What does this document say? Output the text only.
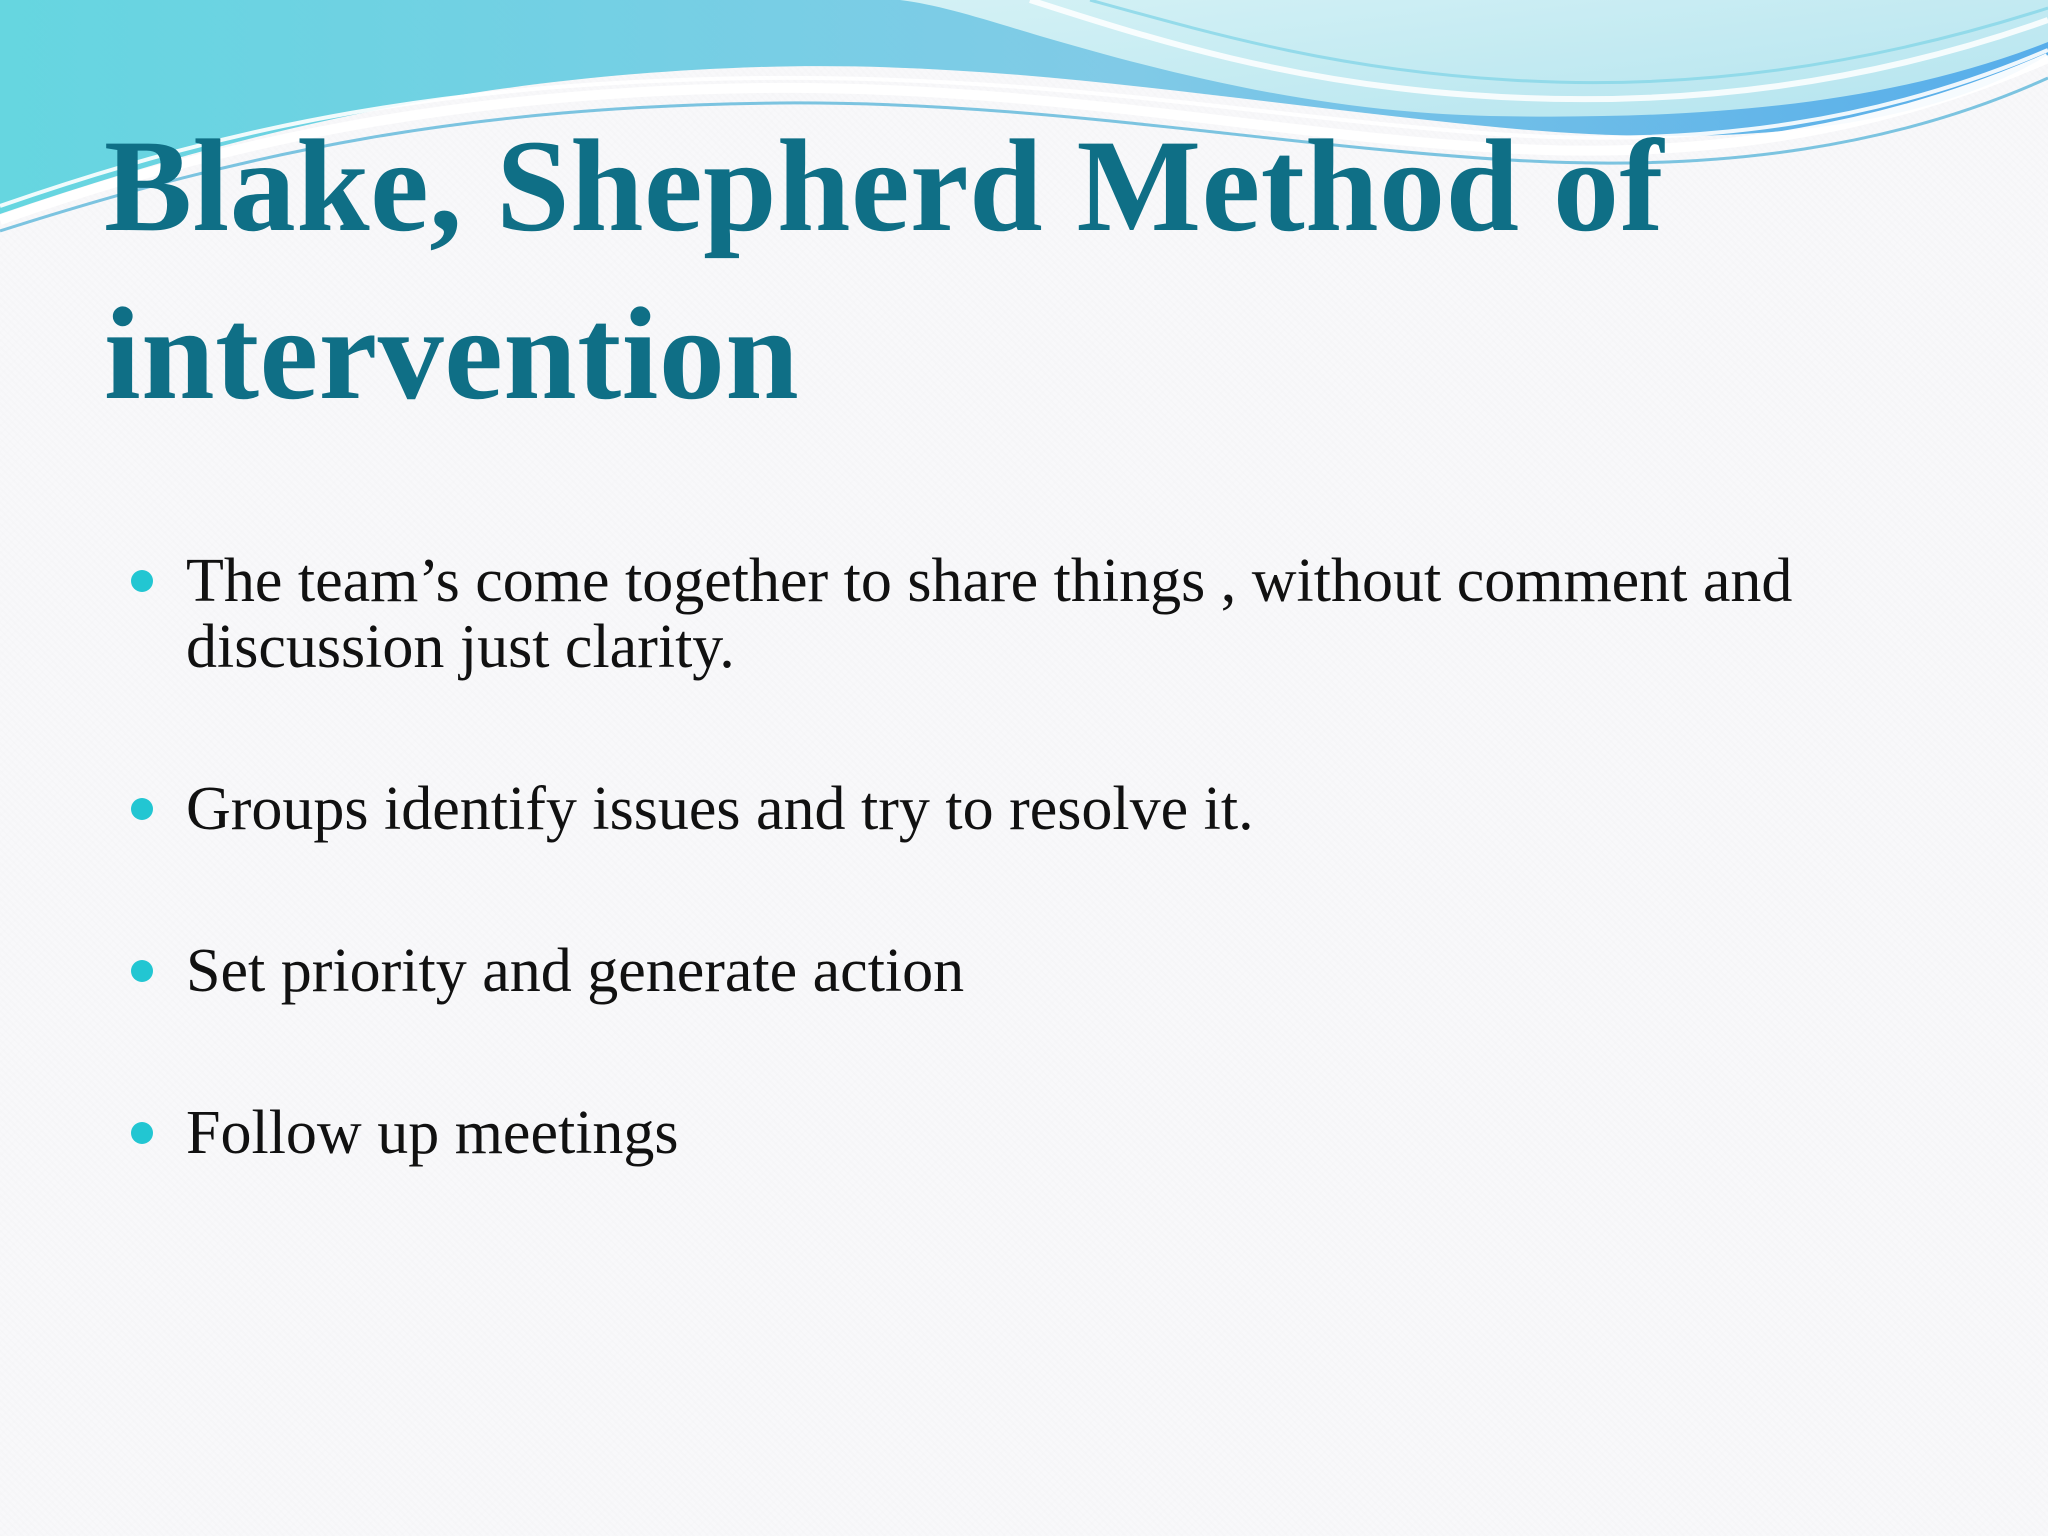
Blake, Shepherd Method of intervention
The team’s come together to share things , without comment and discussion just clarity.
Groups identify issues and try to resolve it.
Set priority and generate action
Follow up meetings
